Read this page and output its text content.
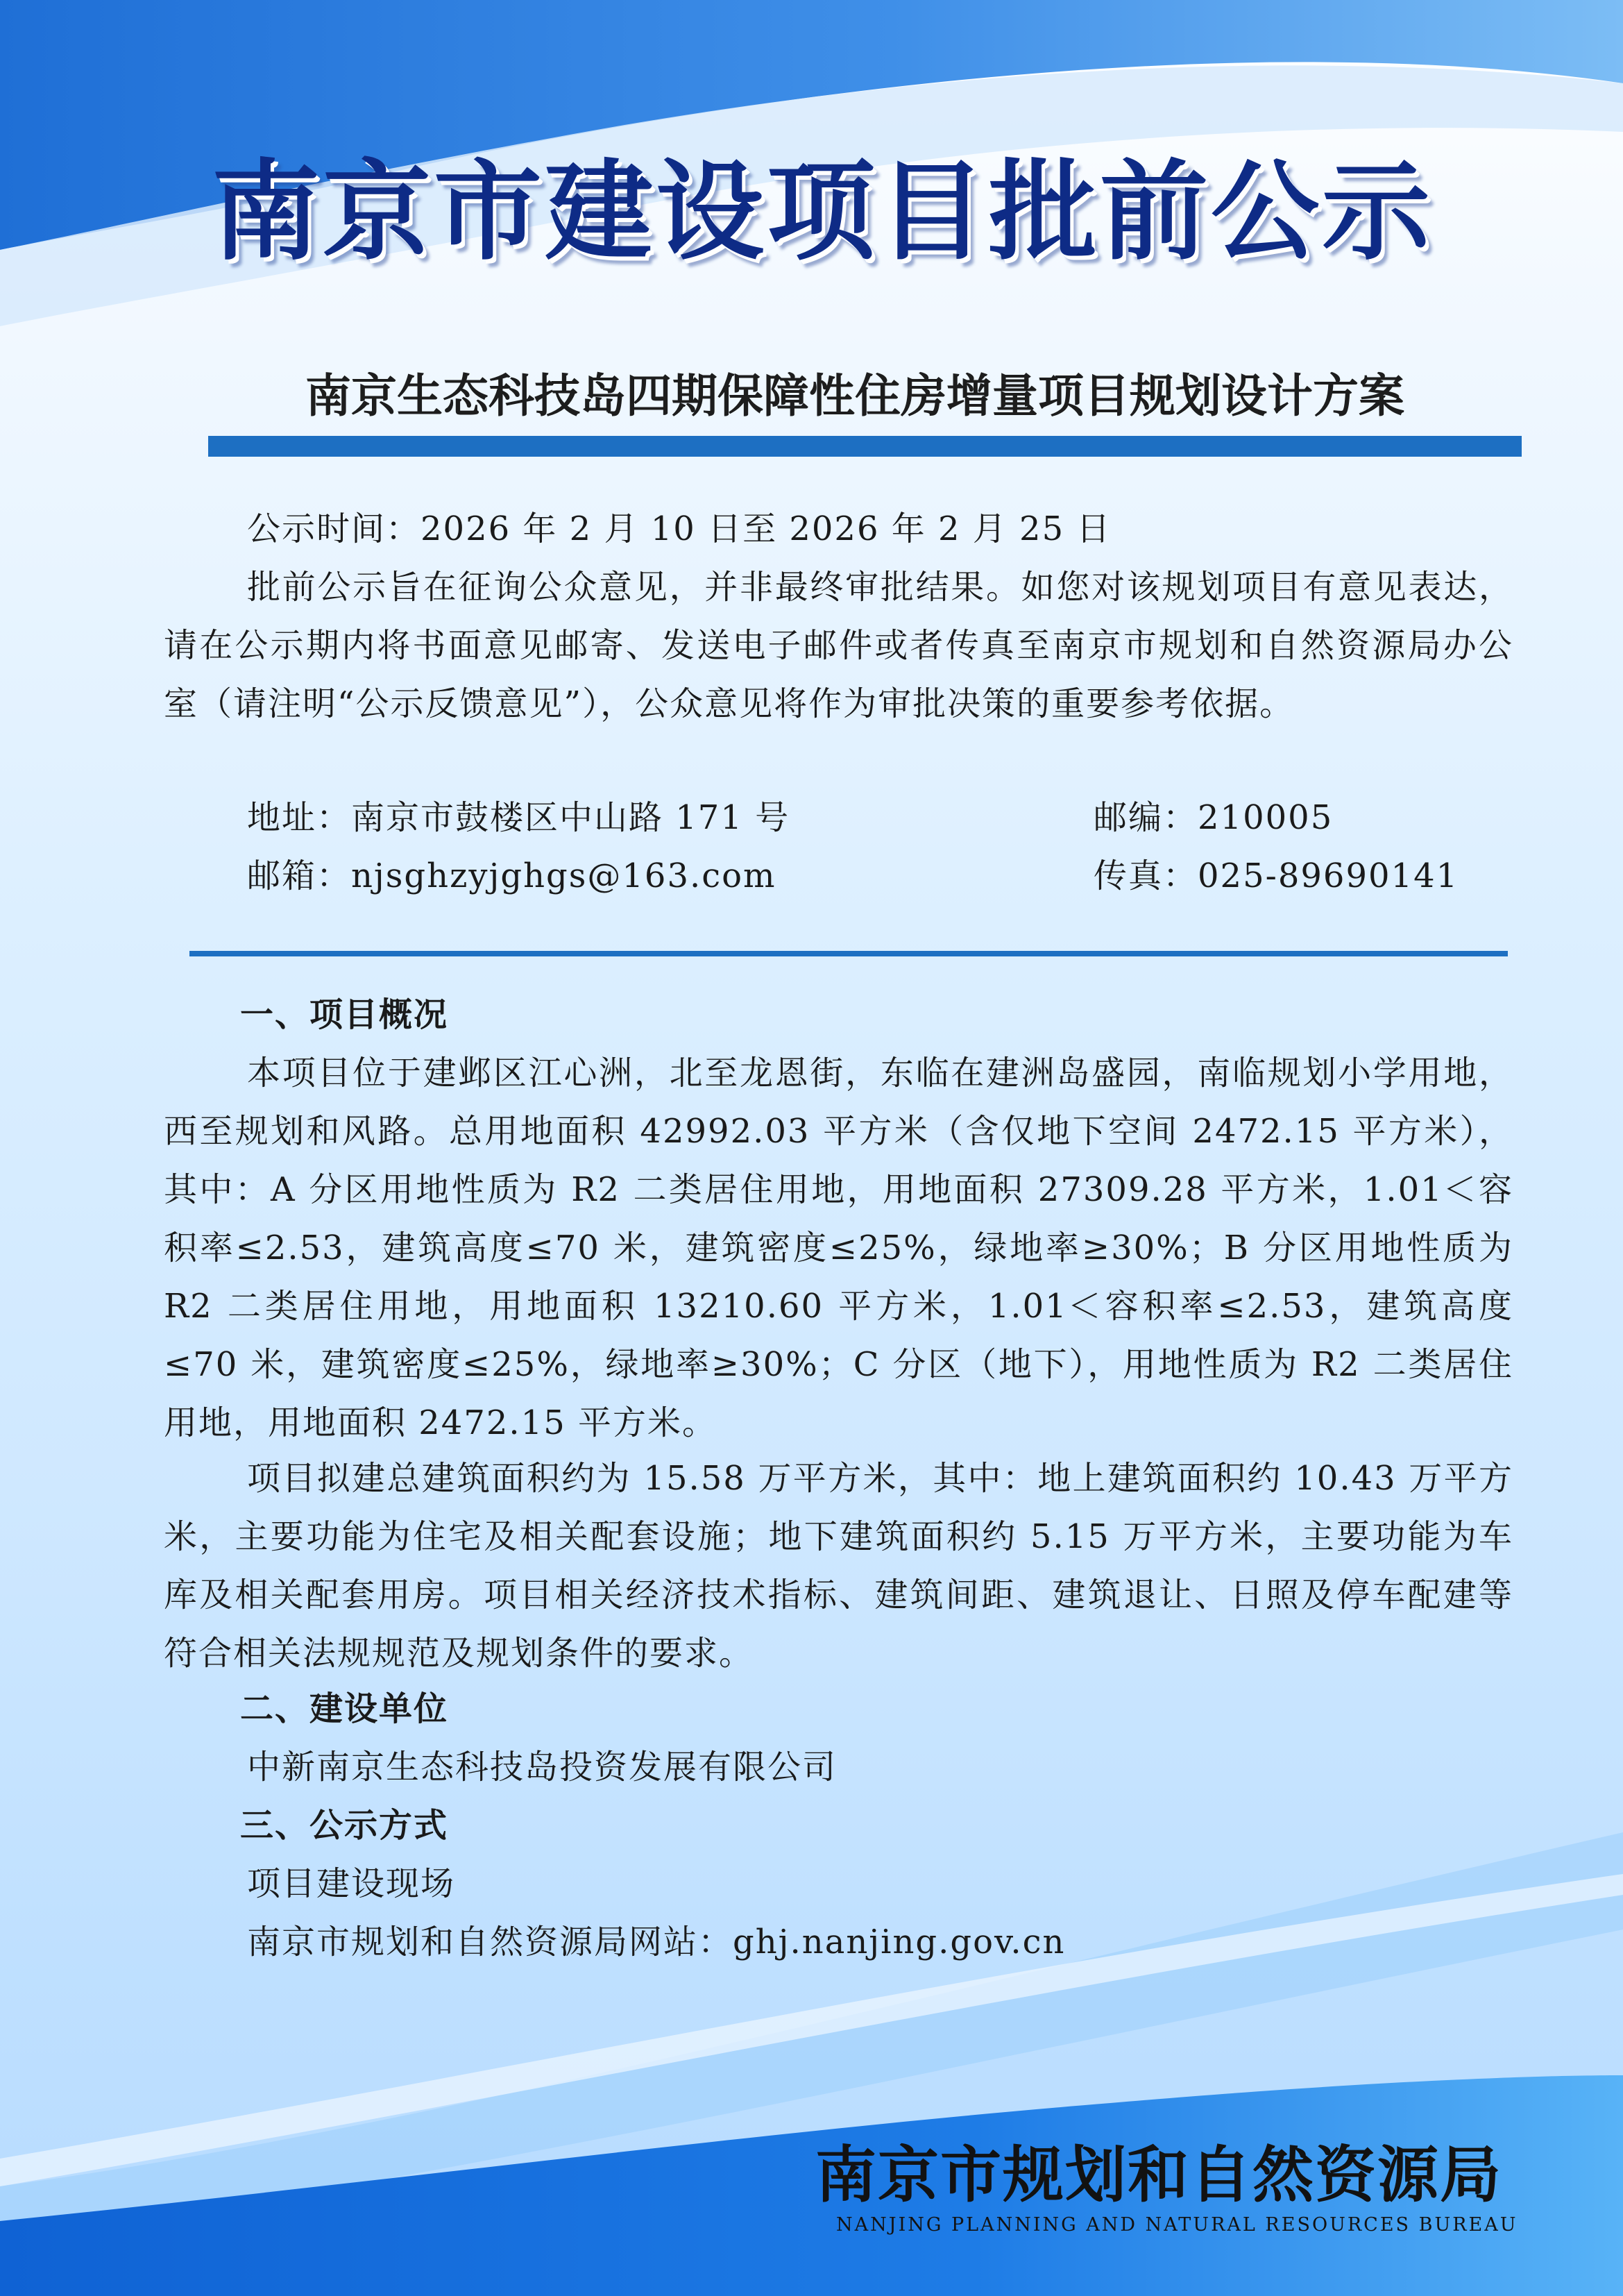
南京市建设项目批前公示
南京生态科技岛四期保障性住房增量项目规划设计方案
公示时间：2026 年 2 月 10 日至 2026 年 2 月 25 日

批前公示旨在征询公众意见，并非最终审批结果。如您对该规划项目有意见表达，请在公示期内将书面意见邮寄、发送电子邮件或者传真至南京市规划和自然资源局办公室（请注明“公示反馈意见”），公众意见将作为审批决策的重要参考依据。

地址：南京市鼓楼区中山路 171 号	邮编：210005
邮箱：njsghzyjghgs@163.com	传真：025-89690141
一、项目概况

本项目位于建邺区江心洲，北至龙恩街，东临在建洲岛盛园，南临规划小学用地，西至规划和风路。总用地面积 42992.03 平方米（含仅地下空间 2472.15 平方米），其中：A 分区用地性质为 R2 二类居住用地，用地面积 27309.28 平方米，1.01＜容积率≤2.53，建筑高度≤70 米，建筑密度≤25%，绿地率≥30%；B 分区用地性质为 R2 二类居住用地，用地面积 13210.60 平方米，1.01＜容积率≤2.53，建筑高度≤70 米，建筑密度≤25%，绿地率≥30%；C 分区（地下），用地性质为 R2 二类居住用地，用地面积 2472.15 平方米。

项目拟建总建筑面积约为 15.58 万平方米，其中：地上建筑面积约 10.43 万平方米，主要功能为住宅及相关配套设施；地下建筑面积约 5.15 万平方米，主要功能为车库及相关配套用房。项目相关经济技术指标、建筑间距、建筑退让、日照及停车配建等符合相关法规规范及规划条件的要求。

二、建设单位
中新南京生态科技岛投资发展有限公司
三、公示方式
项目建设现场
南京市规划和自然资源局网站：ghj.nanjing.gov.cn
南京市规划和自然资源局
NANJING PLANNING AND NATURAL RESOURCES BUREAU
